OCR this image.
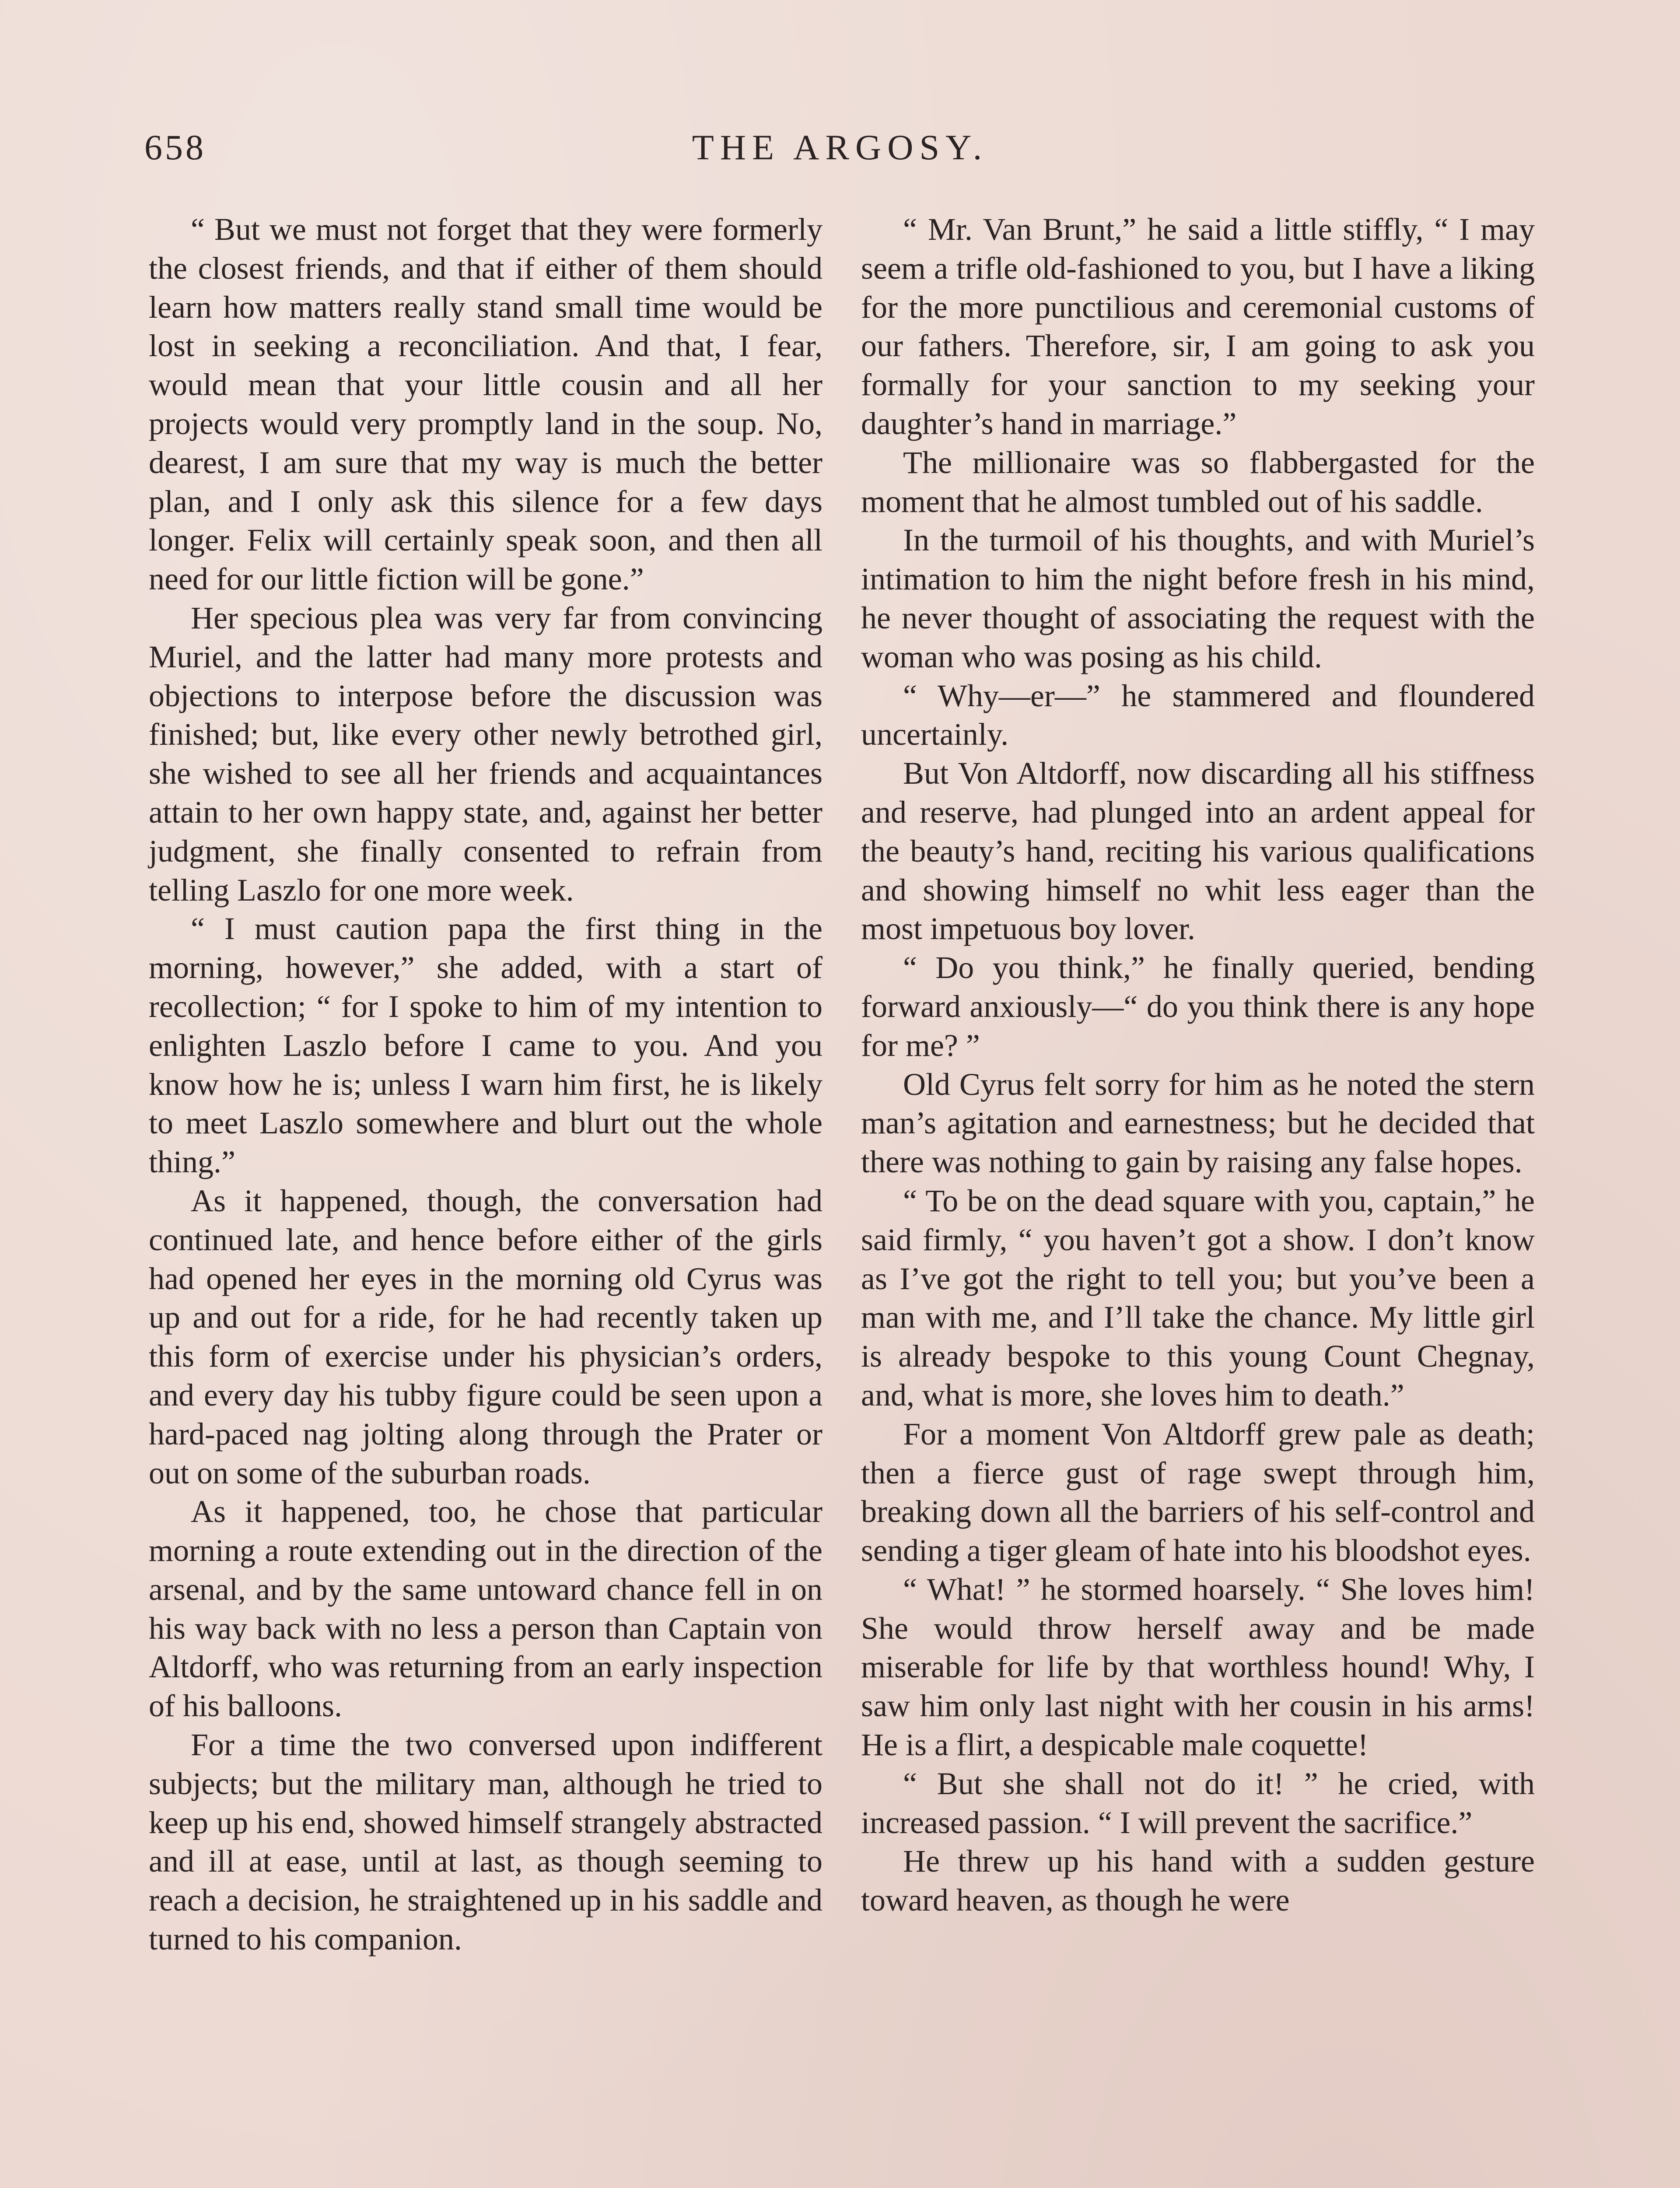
658	THE ARGOSY.

“ But we must not forget that they were formerly the closest friends, and that if either of them should learn how matters really stand small time would be lost in seeking a reconciliation. And that, I fear, would mean that your little cousin and all her projects would very promptly land in the soup. No, dearest, I am sure that my way is much the better plan, and I only ask this silence for a few days longer. Felix will certainly speak soon, and then all need for our little fiction will be gone.”

Her specious plea was very far from convincing Muriel, and the latter had many more protests and objections to interpose before the discussion was finished; but, like every other newly betrothed girl, she wished to see all her friends and acquaintances attain to her own happy state, and, against her better judgment, she finally consented to refrain from telling Laszlo for one more week.

“ I must caution papa the first thing in the morning, however,” she added, with a start of recollection; “ for I spoke to him of my intention to enlighten Laszlo before I came to you. And you know how he is; unless I warn him first, he is likely to meet Laszlo somewhere and blurt out the whole thing.”

As it happened, though, the conversation had continued late, and hence before either of the girls had opened her eyes in the morning old Cyrus was up and out for a ride, for he had recently taken up this form of exercise under his physician’s orders, and every day his tubby figure could be seen upon a hard-paced nag jolting along through the Prater or out on some of the suburban roads.

As it happened, too, he chose that particular morning a route extending out in the direction of the arsenal, and by the same untoward chance fell in on his way back with no less a person than Captain von Altdorff, who was returning from an early inspection of his balloons.

For a time the two conversed upon indifferent subjects; but the military man, although he tried to keep up his end, showed himself strangely abstracted and ill at ease, until at last, as though seeming to reach a decision, he straightened up in his saddle and turned to his companion.

“ Mr. Van Brunt,” he said a little stiffly, “ I may seem a trifle old-fashioned to you, but I have a liking for the more punctilious and ceremonial customs of our fathers. Therefore, sir, I am going to ask you formally for your sanction to my seeking your daughter’s hand in marriage.”

The millionaire was so flabbergasted for the moment that he almost tumbled out of his saddle.

In the turmoil of his thoughts, and with Muriel’s intimation to him the night before fresh in his mind, he never thought of associating the request with the woman who was posing as his child.

“ Why—er—” he stammered and floundered uncertainly.

But Von Altdorff, now discarding all his stiffness and reserve, had plunged into an ardent appeal for the beauty’s hand, reciting his various qualifications and showing himself no whit less eager than the most impetuous boy lover.

“ Do you think,” he finally queried, bending forward anxiously—“ do you think there is any hope for me? ”

Old Cyrus felt sorry for him as he noted the stern man’s agitation and earnestness; but he decided that there was nothing to gain by raising any false hopes.

“ To be on the dead square with you, captain,” he said firmly, “ you haven’t got a show. I don’t know as I’ve got the right to tell you; but you’ve been a man with me, and I’ll take the chance. My little girl is already bespoke to this young Count Chegnay, and, what is more, she loves him to death.”

For a moment Von Altdorff grew pale as death; then a fierce gust of rage swept through him, breaking down all the barriers of his self-control and sending a tiger gleam of hate into his bloodshot eyes.

“ What! ” he stormed hoarsely. “ She loves him! She would throw herself away and be made miserable for life by that worthless hound! Why, I saw him only last night with her cousin in his arms! He is a flirt, a despicable male coquette!

“ But she shall not do it! ” he cried, with increased passion. “ I will prevent the sacrifice.”

He threw up his hand with a sudden gesture toward heaven, as though he were
